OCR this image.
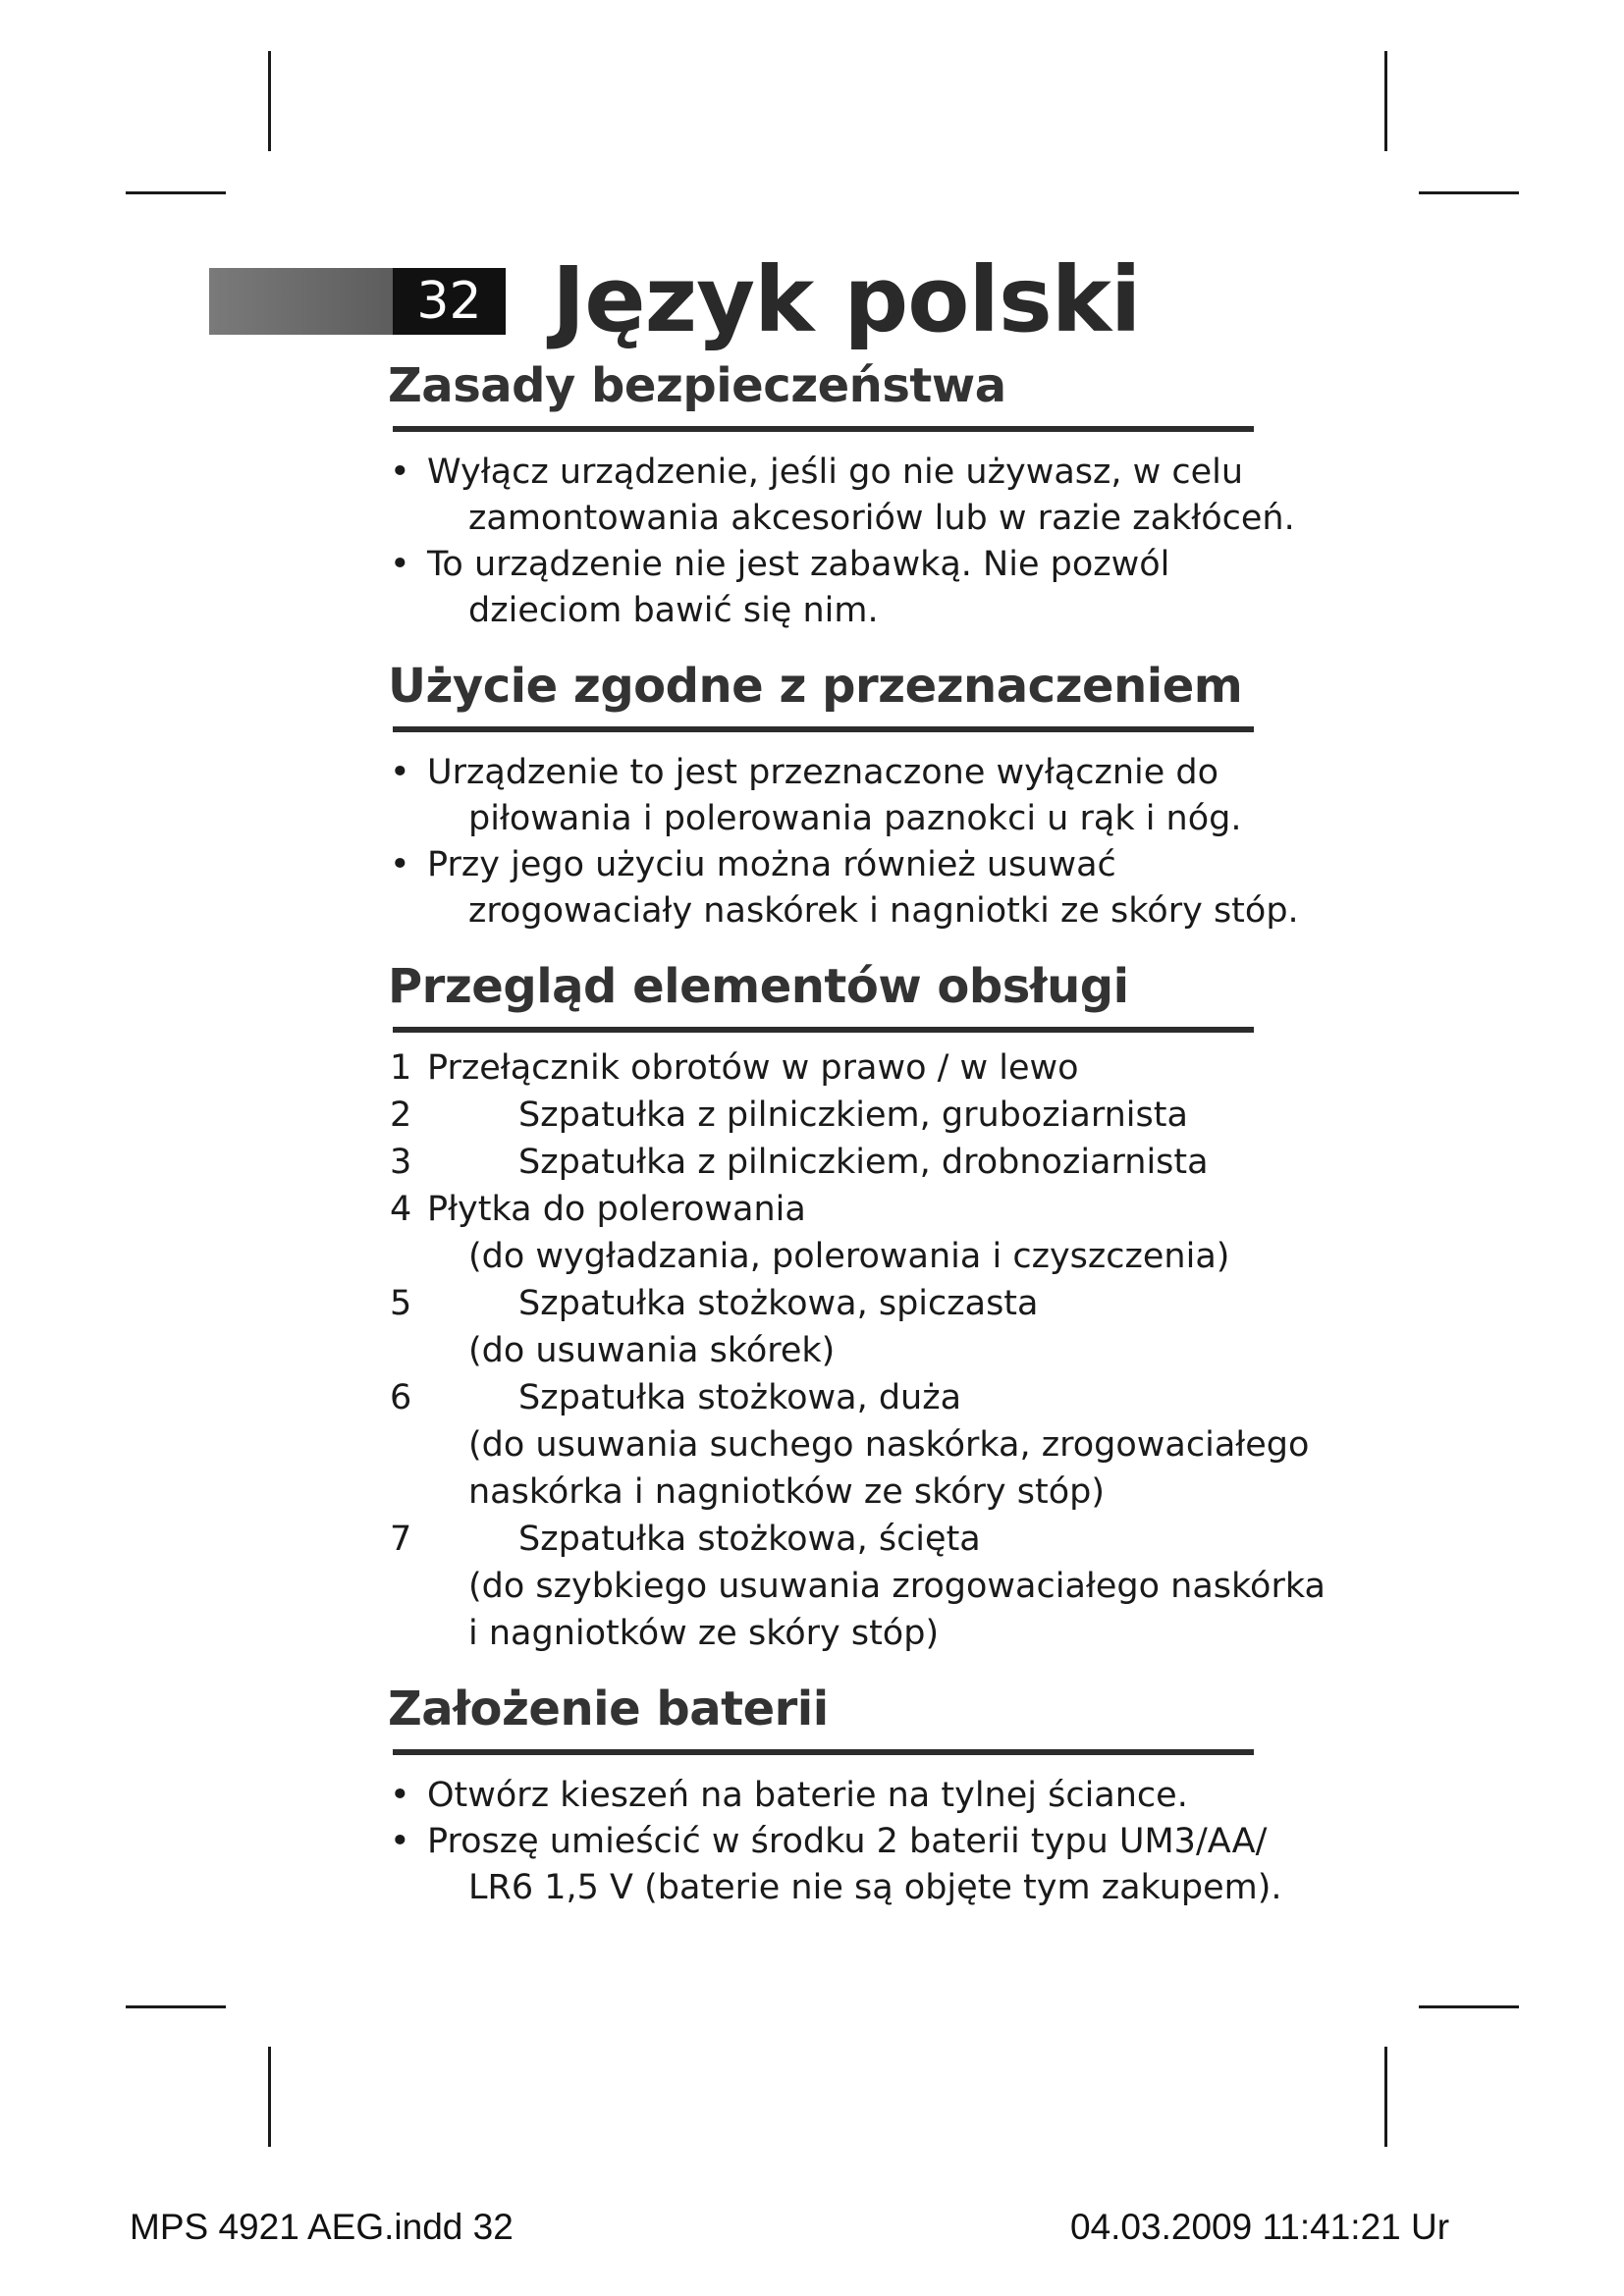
32 Język polski
Zasady bezpieczeństwa
• Wyłącz urządzenie, jeśli go nie używasz, w celu
zamontowania akcesoriów lub w razie zakłóceń.
• To urządzenie nie jest zabawką. Nie pozwól
dzieciom bawić się nim.
Użycie zgodne z przeznaczeniem
• Urządzenie to jest przeznaczone wyłącznie do
piłowania i polerowania paznokci u rąk i nóg.
• Przy jego użyciu można również usuwać
zrogowaciały naskórek i nagniotki ze skóry stóp.
Przegląd elementów obsługi
1 Przełącznik obrotów w prawo / w lewo
2	Szpatułka z pilniczkiem, gruboziarnista
3	Szpatułka z pilniczkiem, drobnoziarnista
4 Płytka do polerowania
(do wygładzania, polerowania i czyszczenia)
5	Szpatułka stożkowa, spiczasta
(do usuwania skórek)
6	Szpatułka stożkowa, duża
(do usuwania suchego naskórka, zrogowaciałego
naskórka i nagniotków ze skóry stóp)
7	Szpatułka stożkowa, ścięta
(do szybkiego usuwania zrogowaciałego naskórka
i nagniotków ze skóry stóp)
Założenie baterii
• Otwórz kieszeń na baterie na tylnej ściance.
• Proszę umieścić w środku 2 baterii typu UM3/AA/
LR6 1,5 V (baterie nie są objęte tym zakupem).
MPS 4921 AEG.indd 32	04.03.2009 11:41:21 Ur
